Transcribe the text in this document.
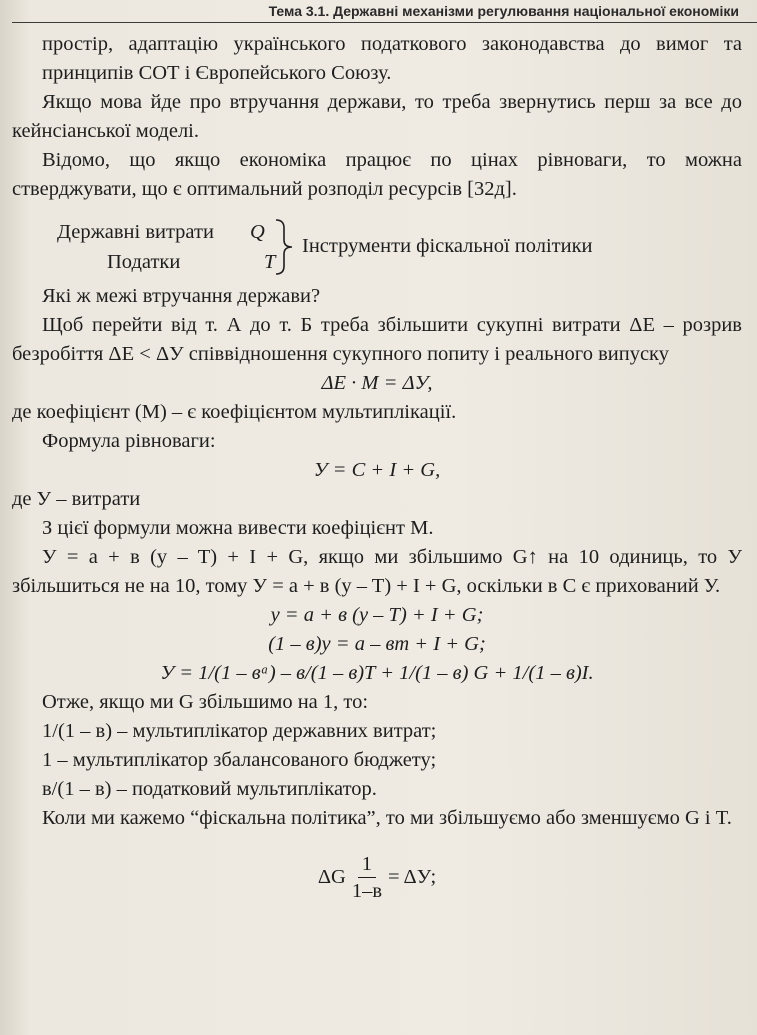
Тема 3.1. Державні механізми регулювання національної економіки

простір, адаптацію українського податкового законодавства до вимог та принципів СОТ і Європейського Союзу.

Якщо мова йде про втручання держави, то треба звернутись перш за все до кейнсіанської моделі.

Відомо, що якщо економіка працює по цінах рівноваги, то можна стверджувати, що є оптимальний розподіл ресурсів [32д].

Державні витрати Q
Податки	T
Інструменти фіскальної політики

Які ж межі втручання держави?

Щоб перейти від т. А до т. Б треба збільшити сукупні витрати ΔE – розрив безробіття ΔE < ΔУ співвідношення сукупного попиту і реального випуску

ΔE · M = ΔУ,

де коефіцієнт (M) – є коефіцієнтом мультиплікації.

Формула рівноваги:

У = C + I + G,

де У – витрати

З цієї формули можна вивести коефіцієнт M.

У = a + в (y – T) + I + G, якщо ми збільшимо G↑ на 10 одиниць, то У збільшиться не на 10, тому У = a + в (y – T) + I + G, оскільки в C є прихований У.

y = a + в (y – T) + I + G;

(1 – в)y = a – вт + I + G;

У = 1/(1 – вᵃ) – в/(1 – в)T + 1/(1 – в) G + 1/(1 – в)I.

Отже, якщо ми G збільшимо на 1, то:

1/(1 – в) – мультиплікатор державних витрат;

1 – мультиплікатор збалансованого бюджету;

в/(1 – в) – податковий мультиплікатор.

Коли ми кажемо “фіскальна політика”, то ми збільшуємо або зменшуємо G і T.

ΔG $\frac{1}{1-в} = \Delta У$;
